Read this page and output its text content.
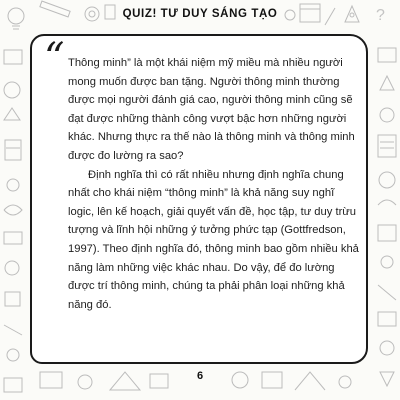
?
QUIZ! TƯ DUY SÁNG TẠO
“ Thông minh” là một khái niệm mỹ miều mà nhiều người mong muốn được ban tặng. Người thông minh thường được mọi người đánh giá cao, người thông minh cũng sẽ đạt được những thành công vượt bậc hơn những người khác. Nhưng thực ra thế nào là thông minh và thông minh được đo lường ra sao?

Định nghĩa thì có rất nhiều nhưng định nghĩa chung nhất cho khái niệm “thông minh” là khả năng suy nghĩ logic, lên kế hoạch, giải quyết vấn đề, học tập, tư duy trừu tượng và lĩnh hội những ý tưởng phức tạp (Gottfredson, 1997). Theo định nghĩa đó, thông minh bao gồm nhiều khả năng làm những việc khác nhau. Do vậy, để đo lường được trí thông minh, chúng ta phải phân loại những khả năng đó.

6
